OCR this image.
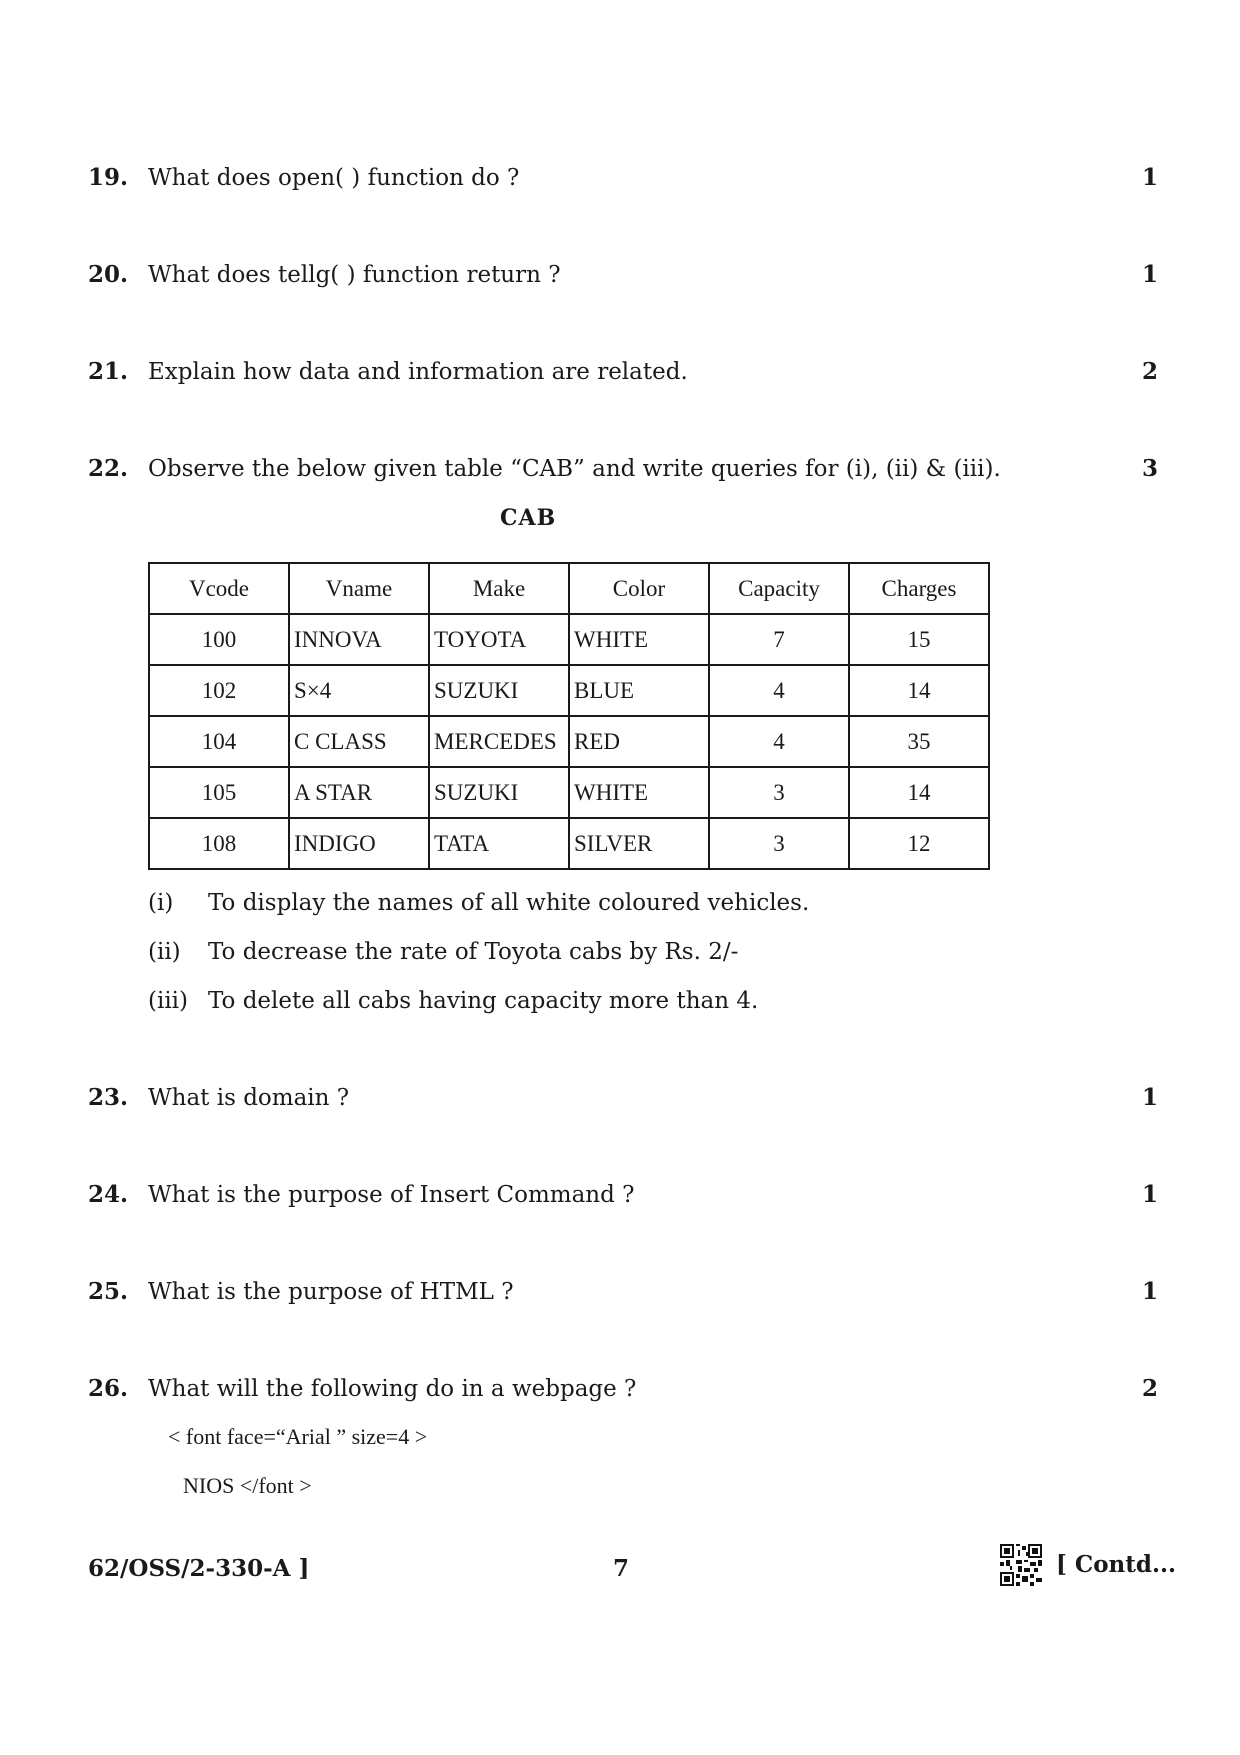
19. What does open( ) function do ?	1
20. What does tellg( ) function return ?	1
21. Explain how data and information are related.	2
22. Observe the below given table “CAB” and write queries for (i), (ii) & (iii).	3
CAB
Vcode	Vname	Make	Color	Capacity	Charges
100	INNOVA	TOYOTA	WHITE	7	15
102	S×4	SUZUKI	BLUE	4	14
104	C CLASS	MERCEDES	RED	4	35
105	A STAR	SUZUKI	WHITE	3	14
108	INDIGO	TATA	SILVER	3	12
(i) To display the names of all white coloured vehicles.
(ii) To decrease the rate of Toyota cabs by Rs. 2/-
(iii) To delete all cabs having capacity more than 4.
23. What is domain ?	1
24. What is the purpose of Insert Command ?	1
25. What is the purpose of HTML ?	1
26. What will the following do in a webpage ?	2
< font face=“Arial ” size=4 >
NIOS </font >
62/OSS/2-330-A ]	7	[ Contd...
